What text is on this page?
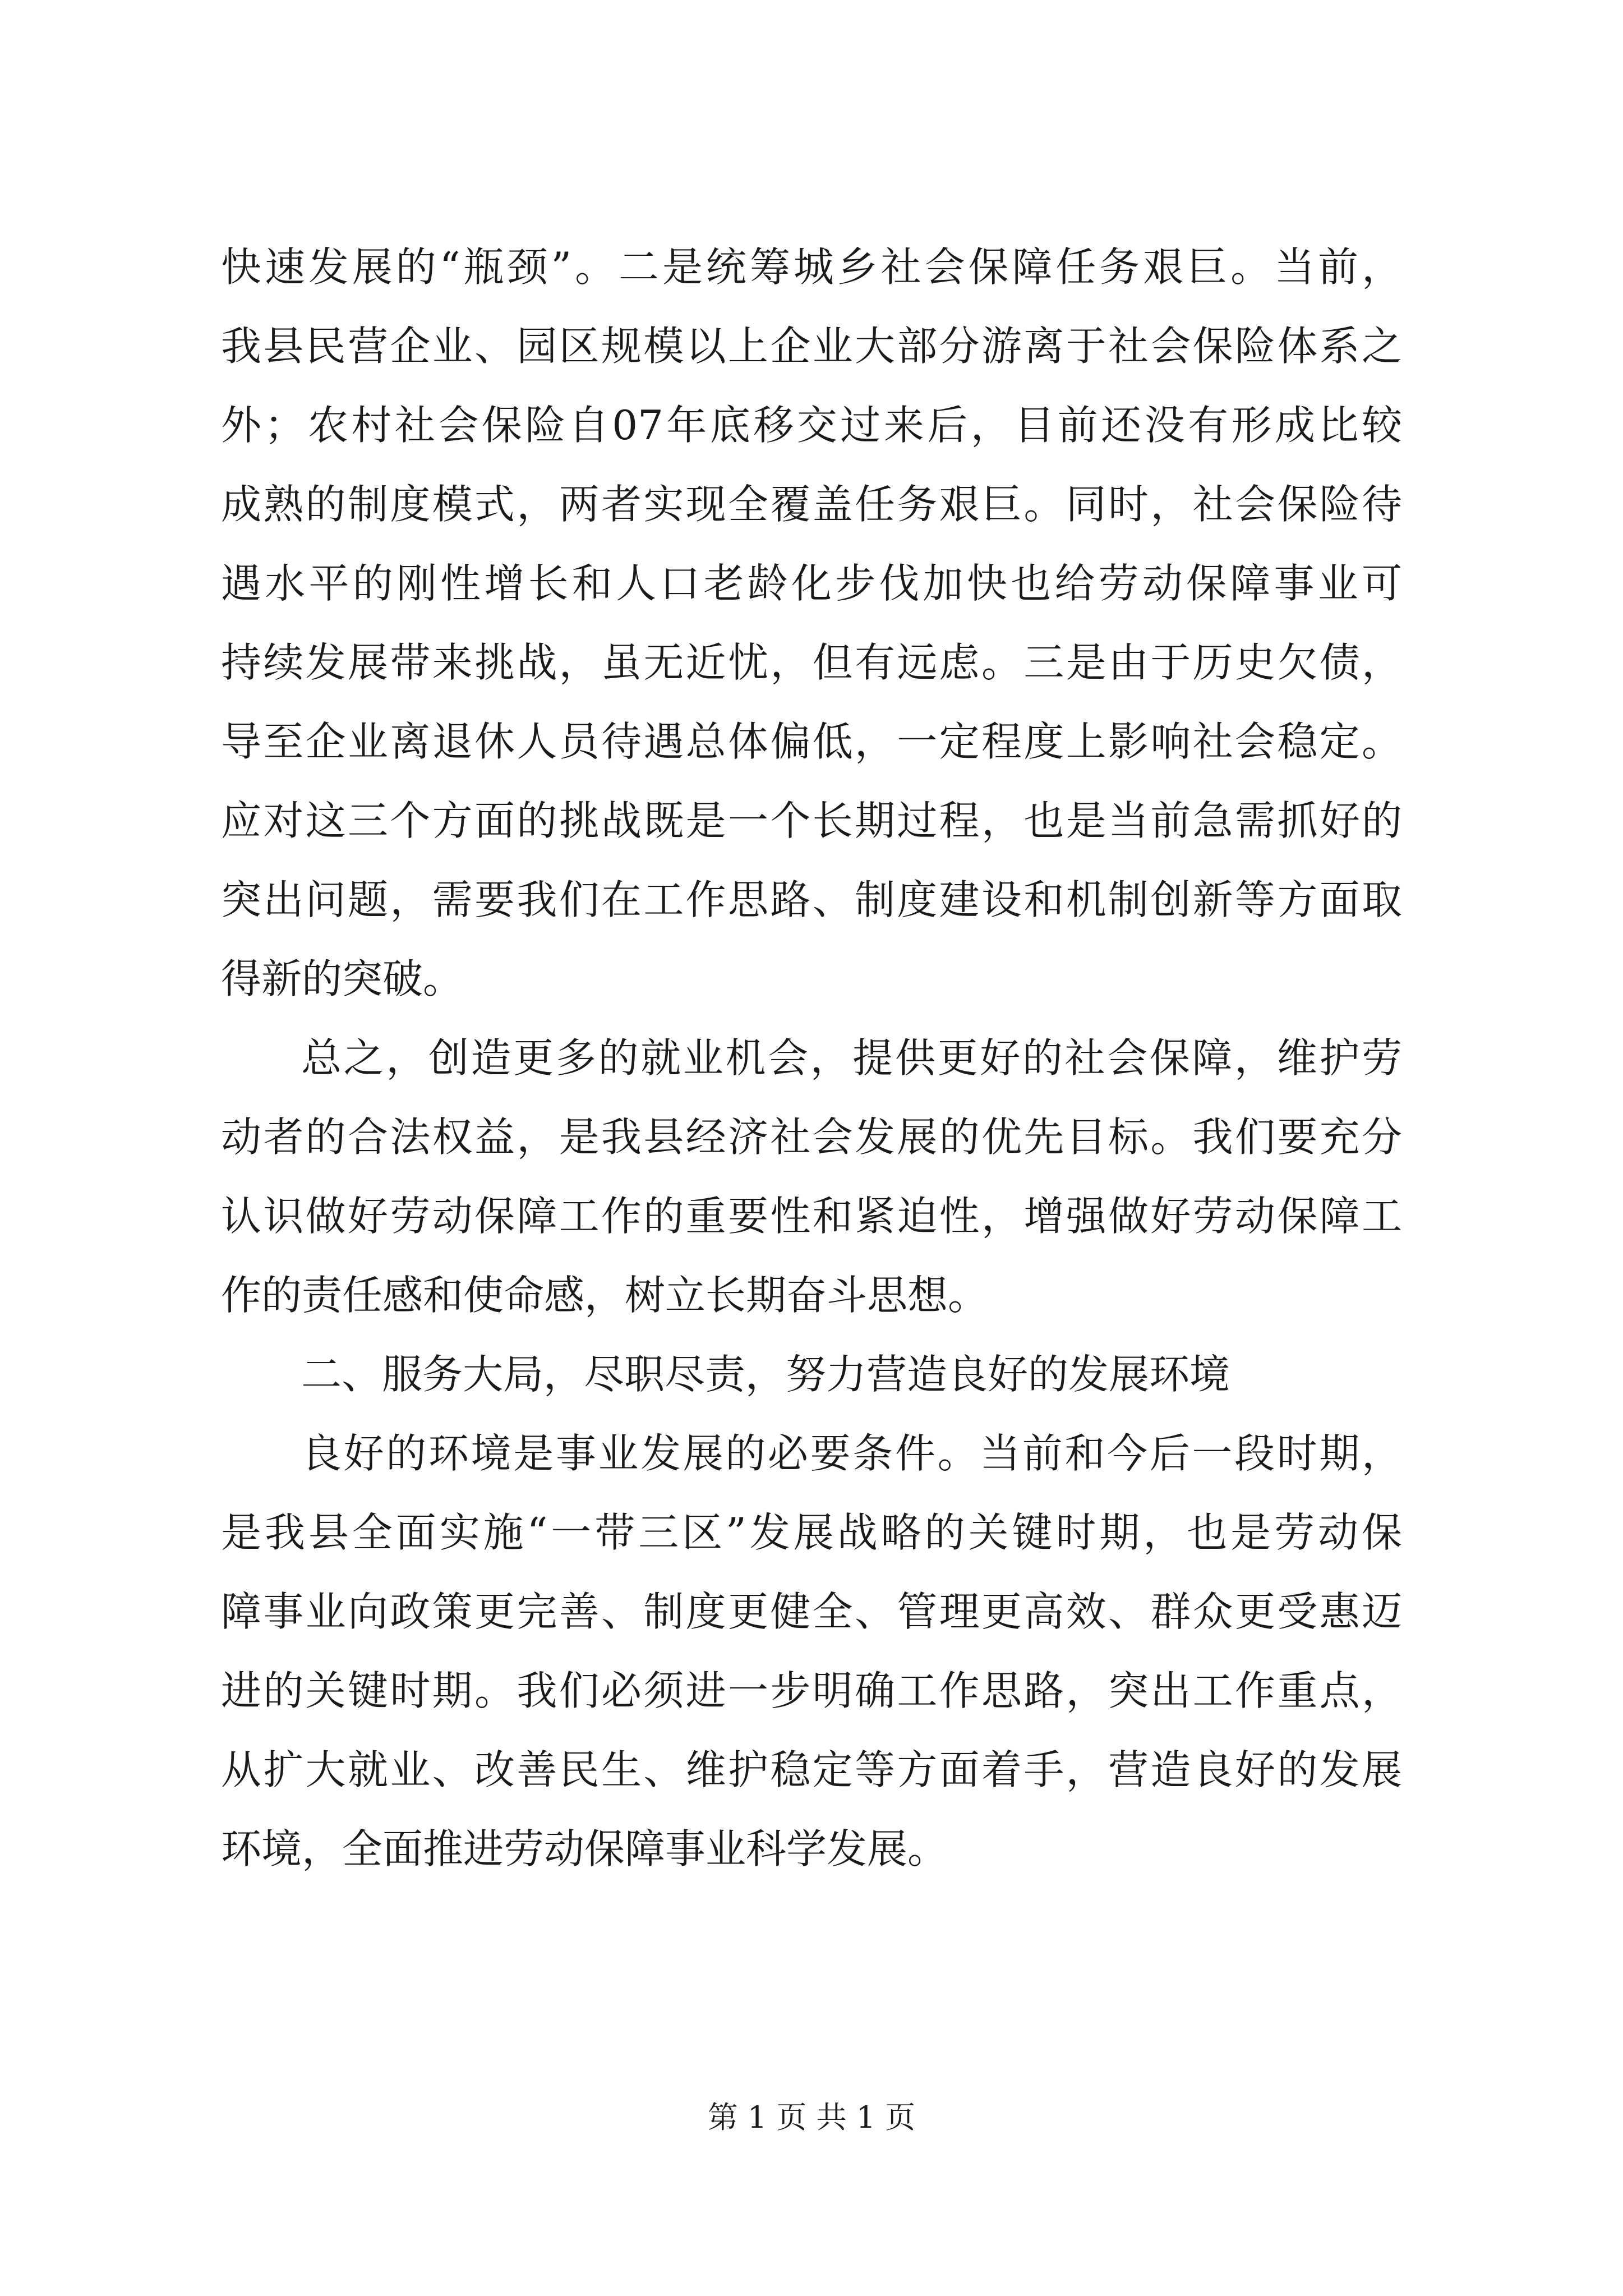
快速发展的“瓶颈”。二是统筹城乡社会保障任务艰巨。当前，
我县民营企业、园区规模以上企业大部分游离于社会保险体系之
外；农村社会保险自07年底移交过来后，目前还没有形成比较
成熟的制度模式，两者实现全覆盖任务艰巨。同时，社会保险待
遇水平的刚性增长和人口老龄化步伐加快也给劳动保障事业可
持续发展带来挑战，虽无近忧，但有远虑。三是由于历史欠债，
导至企业离退休人员待遇总体偏低，一定程度上影响社会稳定。
应对这三个方面的挑战既是一个长期过程，也是当前急需抓好的
突出问题，需要我们在工作思路、制度建设和机制创新等方面取
得新的突破。
总之，创造更多的就业机会，提供更好的社会保障，维护劳
动者的合法权益，是我县经济社会发展的优先目标。我们要充分
认识做好劳动保障工作的重要性和紧迫性，增强做好劳动保障工
作的责任感和使命感，树立长期奋斗思想。
二、服务大局，尽职尽责，努力营造良好的发展环境
良好的环境是事业发展的必要条件。当前和今后一段时期，
是我县全面实施“一带三区”发展战略的关键时期，也是劳动保
障事业向政策更完善、制度更健全、管理更高效、群众更受惠迈
进的关键时期。我们必须进一步明确工作思路，突出工作重点，
从扩大就业、改善民生、维护稳定等方面着手，营造良好的发展
环境，全面推进劳动保障事业科学发展。
第 1 页 共 1 页
